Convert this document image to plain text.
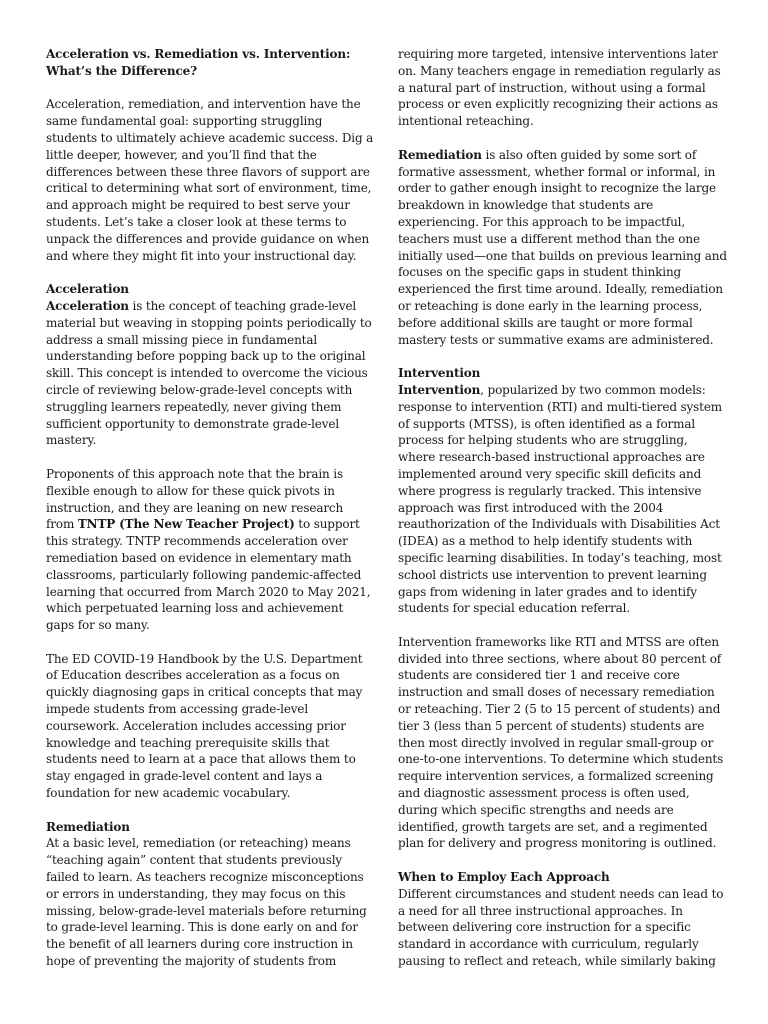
Acceleration vs. Remediation vs. Intervention: What’s the Difference?

Acceleration, remediation, and intervention have the same fundamental goal: supporting struggling students to ultimately achieve academic success. Dig a little deeper, however, and you’ll find that the differences between these three flavors of support are critical to determining what sort of environment, time, and approach might be required to best serve your students. Let’s take a closer look at these terms to unpack the differences and provide guidance on when and where they might fit into your instructional day.

Acceleration

Acceleration is the concept of teaching grade-level material but weaving in stopping points periodically to address a small missing piece in fundamental understanding before popping back up to the original skill. This concept is intended to overcome the vicious circle of reviewing below-grade-level concepts with struggling learners repeatedly, never giving them sufficient opportunity to demonstrate grade-level mastery.

Proponents of this approach note that the brain is flexible enough to allow for these quick pivots in instruction, and they are leaning on new research from TNTP (The New Teacher Project) to support this strategy. TNTP recommends acceleration over remediation based on evidence in elementary math classrooms, particularly following pandemic-affected learning that occurred from March 2020 to May 2021, which perpetuated learning loss and achievement gaps for so many.

The ED COVID-19 Handbook by the U.S. Department of Education describes acceleration as a focus on quickly diagnosing gaps in critical concepts that may impede students from accessing grade-level coursework. Acceleration includes accessing prior knowledge and teaching prerequisite skills that students need to learn at a pace that allows them to stay engaged in grade-level content and lays a foundation for new academic vocabulary.

Remediation

At a basic level, remediation (or reteaching) means “teaching again” content that students previously failed to learn. As teachers recognize misconceptions or errors in understanding, they may focus on this missing, below-grade-level materials before returning to grade-level learning. This is done early on and for the benefit of all learners during core instruction in hope of preventing the majority of students from

requiring more targeted, intensive interventions later on. Many teachers engage in remediation regularly as a natural part of instruction, without using a formal process or even explicitly recognizing their actions as intentional reteaching.

Remediation is also often guided by some sort of formative assessment, whether formal or informal, in order to gather enough insight to recognize the large breakdown in knowledge that students are experiencing. For this approach to be impactful, teachers must use a different method than the one initially used—one that builds on previous learning and focuses on the specific gaps in student thinking experienced the first time around. Ideally, remediation or reteaching is done early in the learning process, before additional skills are taught or more formal mastery tests or summative exams are administered.

Intervention

Intervention, popularized by two common models: response to intervention (RTI) and multi-tiered system of supports (MTSS), is often identified as a formal process for helping students who are struggling, where research-based instructional approaches are implemented around very specific skill deficits and where progress is regularly tracked. This intensive approach was first introduced with the 2004 reauthorization of the Individuals with Disabilities Act (IDEA) as a method to help identify students with specific learning disabilities. In today’s teaching, most school districts use intervention to prevent learning gaps from widening in later grades and to identify students for special education referral.

Intervention frameworks like RTI and MTSS are often divided into three sections, where about 80 percent of students are considered tier 1 and receive core instruction and small doses of necessary remediation or reteaching. Tier 2 (5 to 15 percent of students) and tier 3 (less than 5 percent of students) students are then most directly involved in regular small-group or one-to-one interventions. To determine which students require intervention services, a formalized screening and diagnostic assessment process is often used, during which specific strengths and needs are identified, growth targets are set, and a regimented plan for delivery and progress monitoring is outlined.

When to Employ Each Approach

Different circumstances and student needs can lead to a need for all three instructional approaches. In between delivering core instruction for a specific standard in accordance with curriculum, regularly pausing to reflect and reteach, while similarly baking
